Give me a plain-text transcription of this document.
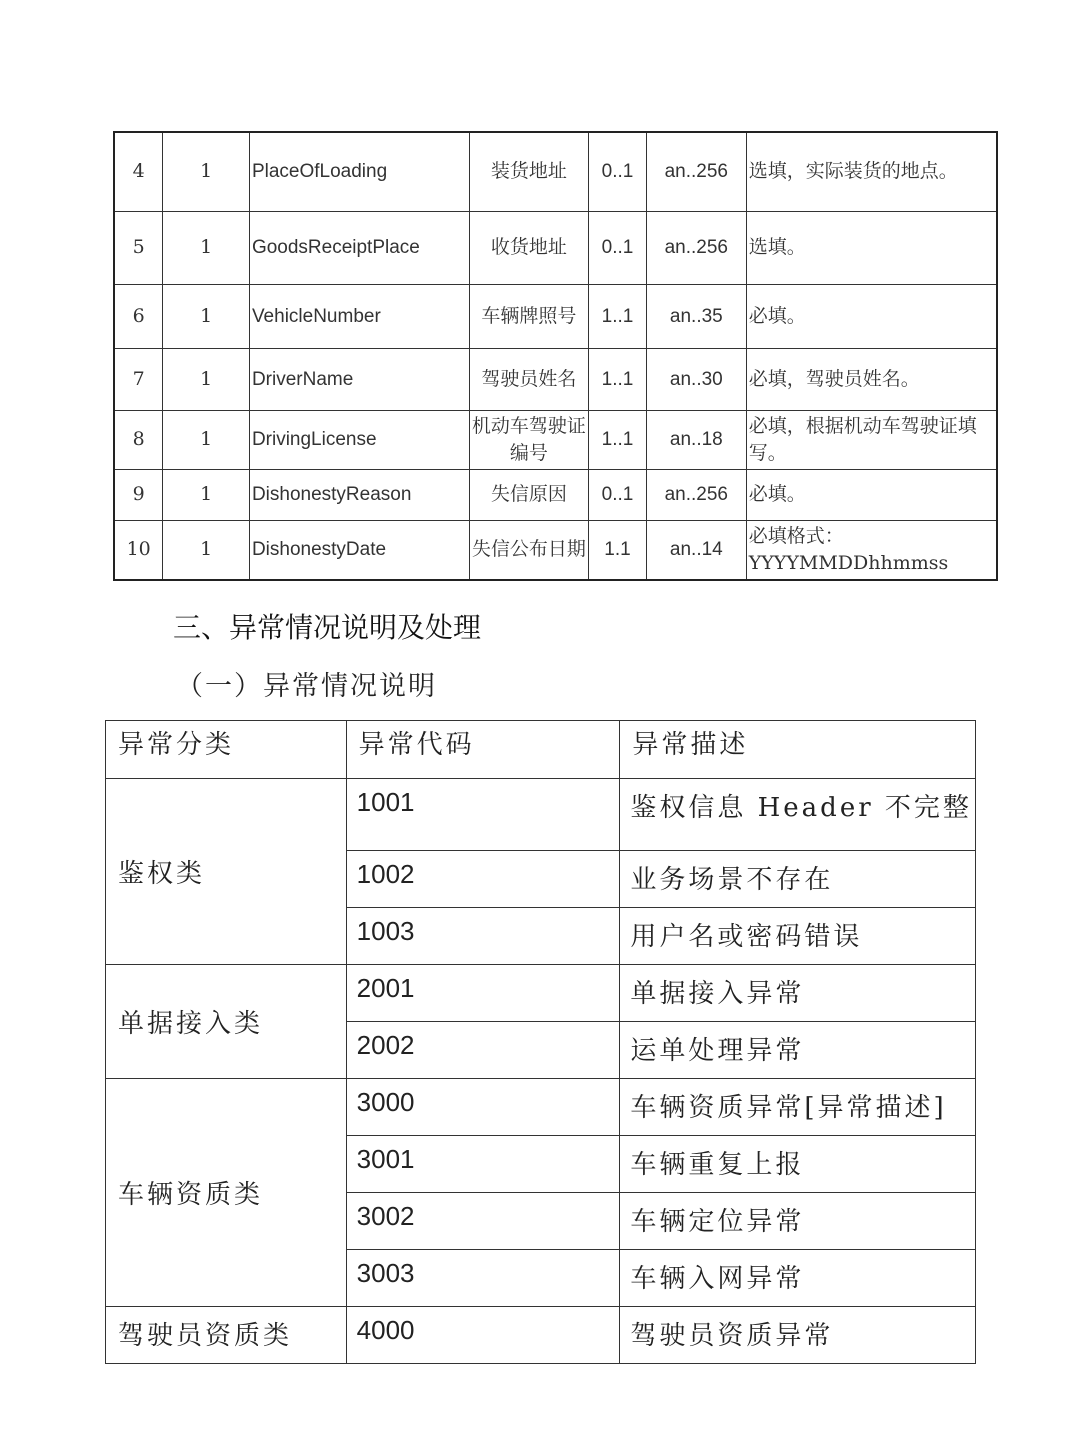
4	1	PlaceOfLoading	装货地址	0..1	an..256	选填，实际装货的地点。
5	1	GoodsReceiptPlace	收货地址	0..1	an..256	选填。
6	1	VehicleNumber	车辆牌照号	1..1	an..35	必填。
7	1	DriverName	驾驶员姓名	1..1	an..30	必填，驾驶员姓名。
8	1	DrivingLicense	机动车驾驶证编号	1..1	an..18	必填，根据机动车驾驶证填写。
9	1	DishonestyReason	失信原因	0..1	an..256	必填。
10	1	DishonestyDate	失信公布日期	1.1	an..14	必填格式：YYYYMMDDhhmmss
三、异常情况说明及处理
（一）异常情况说明
异常分类	异常代码	异常描述
鉴权类	1001	鉴权信息 Header 不完整
	1002	业务场景不存在
	1003	用户名或密码错误
单据接入类	2001	单据接入异常
	2002	运单处理异常
车辆资质类	3000	车辆资质异常[异常描述]
	3001	车辆重复上报
	3002	车辆定位异常
	3003	车辆入网异常
驾驶员资质类	4000	驾驶员资质异常
